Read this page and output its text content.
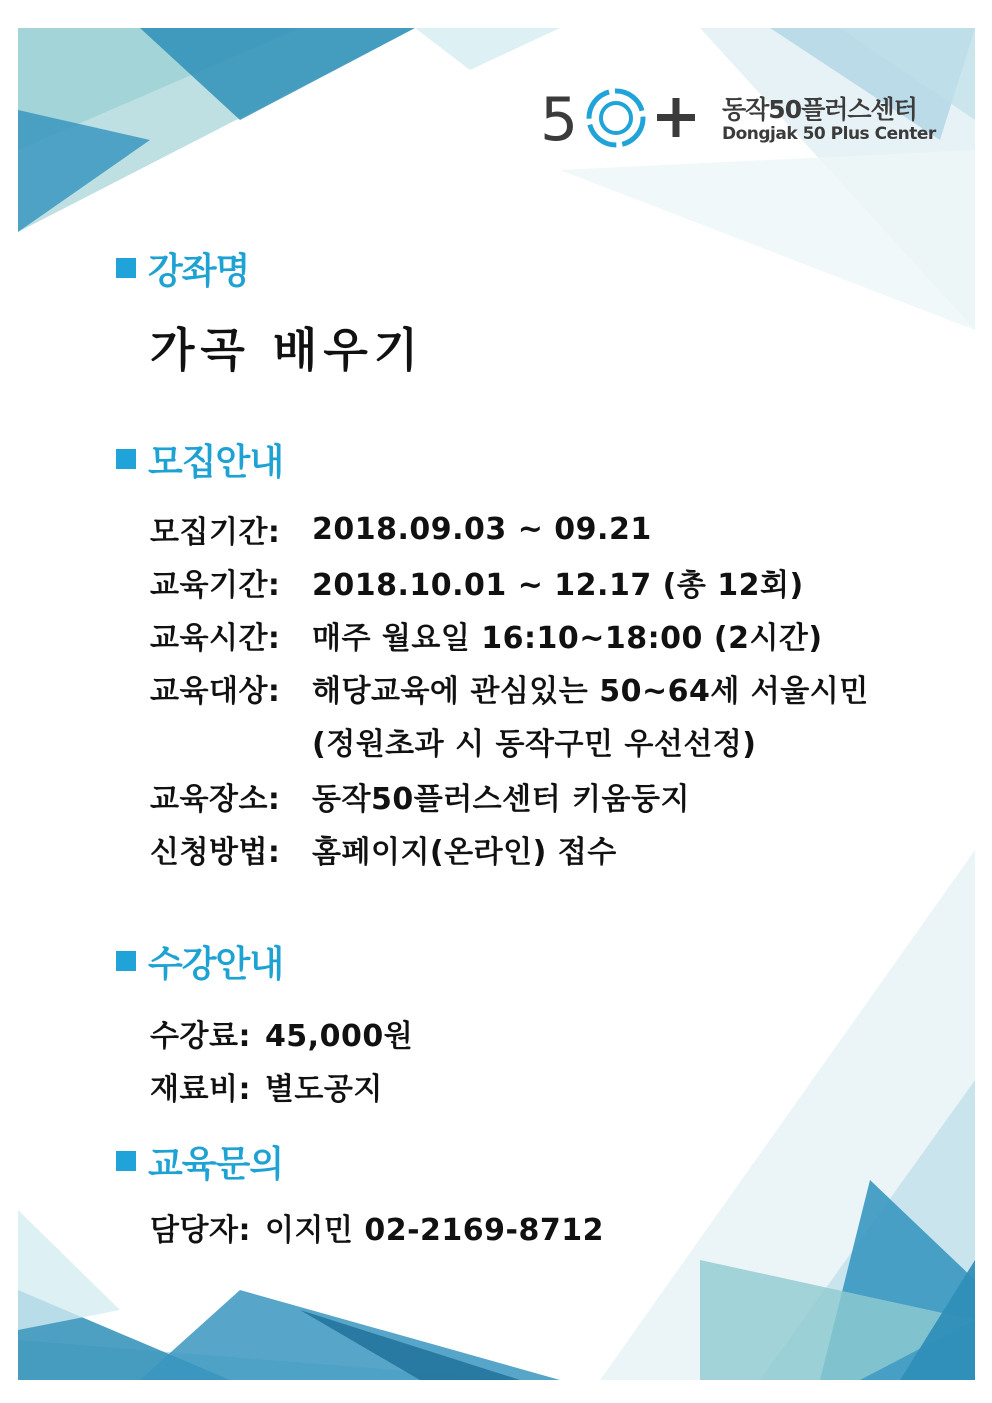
5	동작50플러스센터
Dongjak 50 Plus Center
강좌명
가곡 배우기
모집안내
모집기간:	2018.09.03 ~ 09.21
교육기간:	2018.10.01 ~ 12.17 (총 12회)
교육시간:	매주 월요일 16:10~18:00 (2시간)
교육대상:	해당교육에 관심있는 50~64세 서울시민
(정원초과 시 동작구민 우선선정)
교육장소:	동작50플러스센터 키움둥지
신청방법:	홈페이지(온라인) 접수
수강안내
수강료: 45,000원
재료비: 별도공지
교육문의
담당자: 이지민 02-2169-8712
